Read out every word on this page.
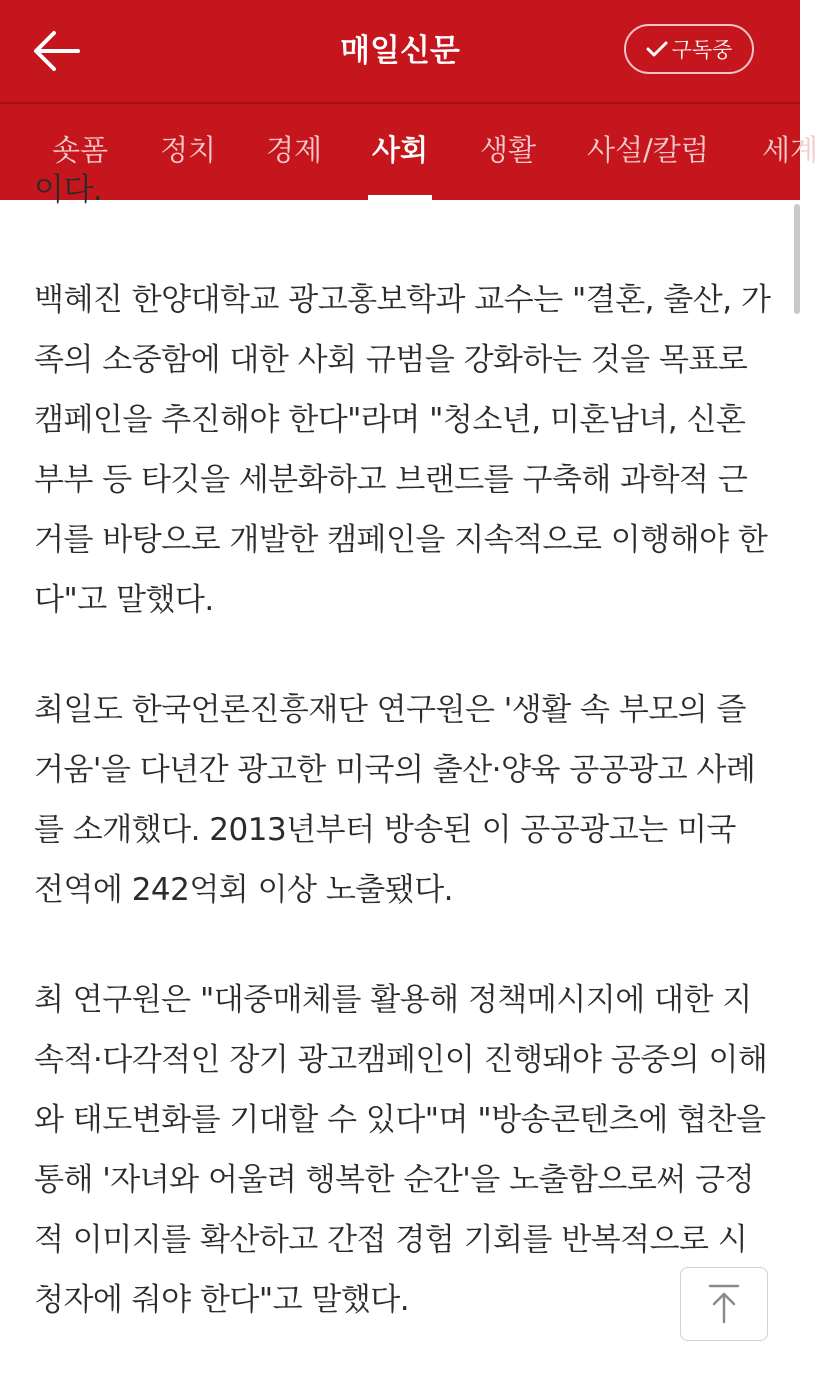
매일신문	구독중
숏폼 정치 경제 사회 생활 사설/칼럼 세계

이다.

백혜진 한양대학교 광고홍보학과 교수는 "결혼, 출산, 가족의 소중함에 대한 사회 규범을 강화하는 것을 목표로 캠페인을 추진해야 한다"라며 "청소년, 미혼남녀, 신혼부부 등 타깃을 세분화하고 브랜드를 구축해 과학적 근거를 바탕으로 개발한 캠페인을 지속적으로 이행해야 한다"고 말했다.

최일도 한국언론진흥재단 연구원은 '생활 속 부모의 즐거움'을 다년간 광고한 미국의 출산·양육 공공광고 사례를 소개했다. 2013년부터 방송된 이 공공광고는 미국 전역에 242억회 이상 노출됐다.

최 연구원은 "대중매체를 활용해 정책메시지에 대한 지속적·다각적인 장기 광고캠페인이 진행돼야 공중의 이해와 태도변화를 기대할 수 있다"며 "방송콘텐츠에 협찬을 통해 '자녀와 어울려 행복한 순간'을 노출함으로써 긍정적 이미지를 확산하고 간접 경험 기회를 반복적으로 시청자에 줘야 한다"고 말했다.
